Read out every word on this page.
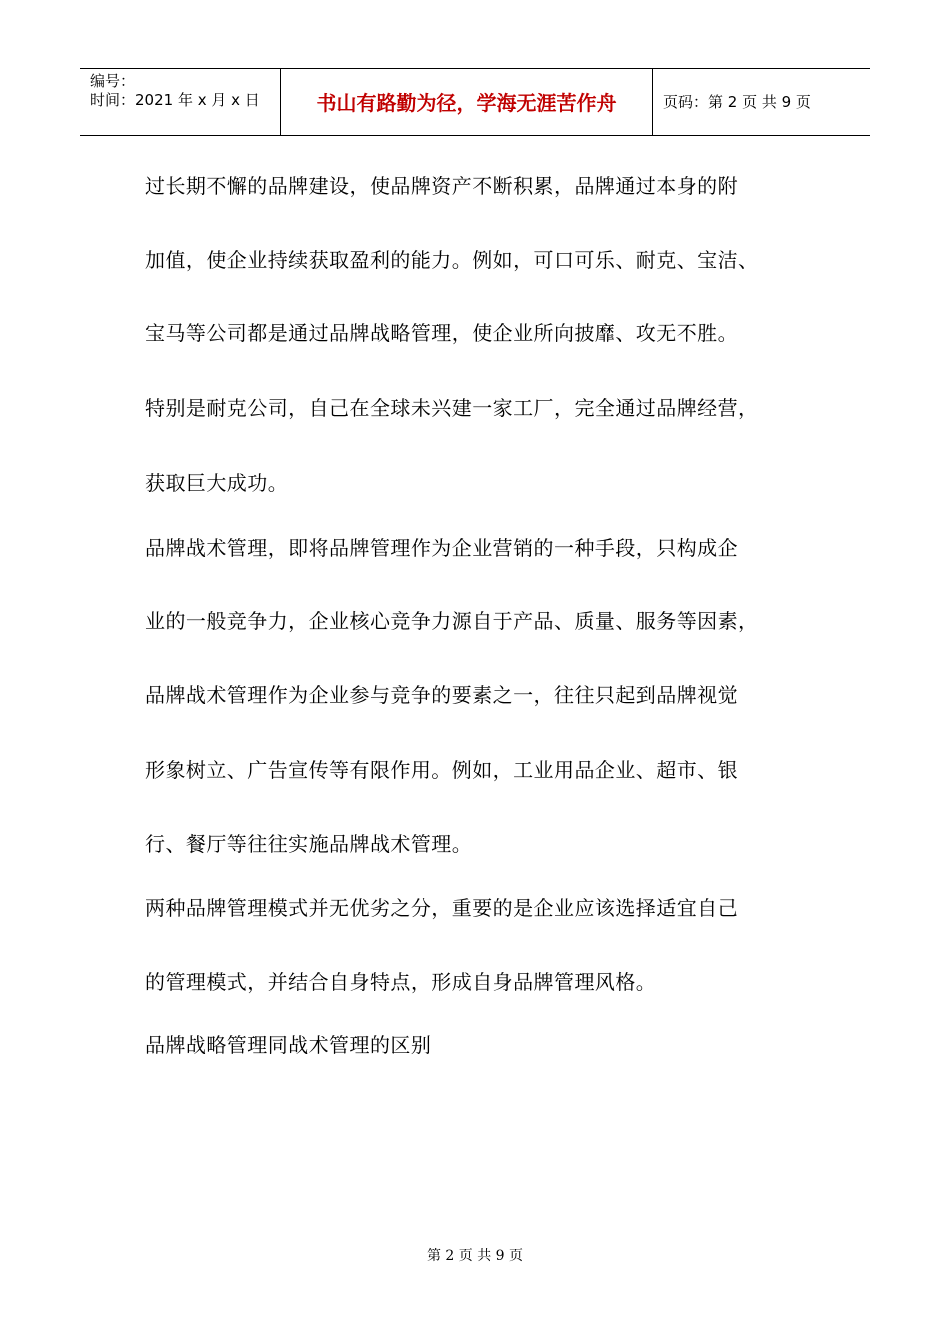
编号：
时间：2021 年 x 月 x 日	书山有路勤为径，学海无涯苦作舟	页码：第 2 页 共 9 页
过长期不懈的品牌建设，使品牌资产不断积累，品牌通过本身的附
加值，使企业持续获取盈利的能力。例如，可口可乐、耐克、宝洁、
宝马等公司都是通过品牌战略管理，使企业所向披靡、攻无不胜。
特别是耐克公司，自己在全球未兴建一家工厂，完全通过品牌经营，
获取巨大成功。
品牌战术管理，即将品牌管理作为企业营销的一种手段，只构成企
业的一般竞争力，企业核心竞争力源自于产品、质量、服务等因素，
品牌战术管理作为企业参与竞争的要素之一，往往只起到品牌视觉
形象树立、广告宣传等有限作用。例如，工业用品企业、超市、银
行、餐厅等往往实施品牌战术管理。
两种品牌管理模式并无优劣之分，重要的是企业应该选择适宜自己
的管理模式，并结合自身特点，形成自身品牌管理风格。
品牌战略管理同战术管理的区别
第 2 页 共 9 页
